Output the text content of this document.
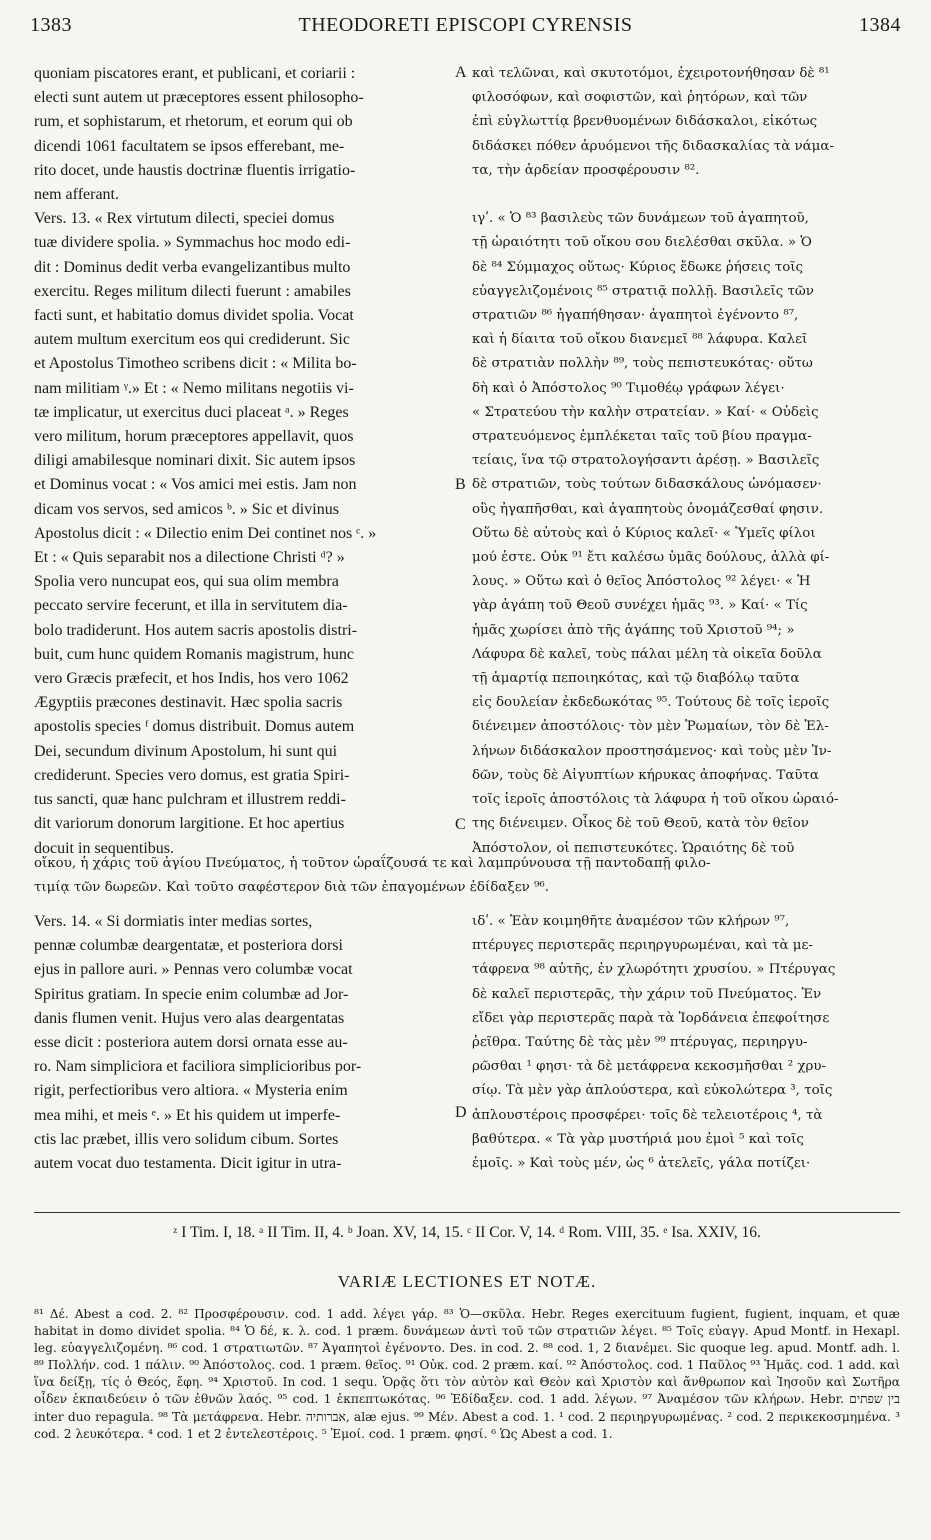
1383	THEODORETI EPISCOPI CYRENSIS	1384
quoniam piscatores erant, et publicani, et coriarii :
electi sunt autem ut præceptores essent philosopho-
rum, et sophistarum, et rhetorum, et eorum qui ob
dicendi 1061 facultatem se ipsos efferebant, me-
rito docet, unde haustis doctrinæ fluentis irrigatio-
nem afferant.
Vers. 13. « Rex virtutum dilecti, speciei domus
tuæ dividere spolia. » Symmachus hoc modo edi-
dit : Dominus dedit verba evangelizantibus multo
exercitu. Reges militum dilecti fuerunt : amabiles
facti sunt, et habitatio domus dividet spolia. Vocat
autem multum exercitum eos qui crediderunt. Sic
et Apostolus Timotheo scribens dicit : « Milita bo-
nam militiam ᵞ.» Et : « Nemo militans negotiis vi-
tæ implicatur, ut exercitus duci placeat ᵃ. » Reges
vero militum, horum præceptores appellavit, quos
diligi amabilesque nominari dixit. Sic autem ipsos
et Dominus vocat : « Vos amici mei estis. Jam non
dicam vos servos, sed amicos ᵇ. » Sic et divinus
Apostolus dicit : « Dilectio enim Dei continet nos ᶜ. »
Et : « Quis separabit nos a dilectione Christi ᵈ? »
Spolia vero nuncupat eos, qui sua olim membra
peccato servire fecerunt, et illa in servitutem dia-
bolo tradiderunt. Hos autem sacris apostolis distri-
buit, cum hunc quidem Romanis magistrum, hunc
vero Græcis præfecit, et hos Indis, hos vero 1062
Ægyptiis præcones destinavit. Hæc spolia sacris
apostolis species ᶠ domus distribuit. Domus autem
Dei, secundum divinum Apostolum, hi sunt qui
crediderunt. Species vero domus, est gratia Spiri-
tus sancti, quæ hanc pulchram et illustrem reddi-
dit variorum donorum largitione. Et hoc apertius
docuit in sequentibus.
καὶ τελῶναι, καὶ σκυτοτόμοι, ἐχειροτονήθησαν δὲ ⁸¹
φιλοσόφων, καὶ σοφιστῶν, καὶ ῥητόρων, καὶ τῶν
ἐπὶ εὐγλωττίᾳ βρενθυομένων διδάσκαλοι, εἰκότως
διδάσκει πόθεν ἀρυόμενοι τῆς διδασκαλίας τὰ νάμα-
τα, τὴν ἀρδείαν προσφέρουσιν ⁸².

ιγʹ. « Ὁ ⁸³ βασιλεὺς τῶν δυνάμεων τοῦ ἀγαπητοῦ,
τῇ ὡραιότητι τοῦ οἴκου σου διελέσθαι σκῦλα. » Ὁ
δὲ ⁸⁴ Σύμμαχος οὕτως· Κύριος ἔδωκε ῥήσεις τοῖς
εὐαγγελιζομένοις ⁸⁵ στρατιᾷ πολλῇ. Βασιλεῖς τῶν
στρατιῶν ⁸⁶ ἠγαπήθησαν· ἀγαπητοὶ ἐγένοντο ⁸⁷,
καὶ ἡ δίαιτα τοῦ οἴκου διανεμεῖ ⁸⁸ λάφυρα. Καλεῖ
δὲ στρατιὰν πολλὴν ⁸⁹, τοὺς πεπιστευκότας· οὕτω
δὴ καὶ ὁ Ἀπόστολος ⁹⁰ Τιμοθέῳ γράφων λέγει·
« Στρατεύου τὴν καλὴν στρατείαν. » Καί· « Οὐδεὶς
στρατευόμενος ἐμπλέκεται ταῖς τοῦ βίου πραγμα-
τείαις, ἵνα τῷ στρατολογήσαντι ἀρέσῃ. » Βασιλεῖς
δὲ στρατιῶν, τοὺς τούτων διδασκάλους ὠνόμασεν·
οὓς ἠγαπῆσθαι, καὶ ἀγαπητοὺς ὀνομάζεσθαί φησιν.
Οὕτω δὲ αὐτοὺς καὶ ὁ Κύριος καλεῖ· « Ὑμεῖς φίλοι
μού ἐστε. Οὐκ ⁹¹ ἔτι καλέσω ὑμᾶς δούλους, ἀλλὰ φί-
λους. » Οὕτω καὶ ὁ θεῖος Ἀπόστολος ⁹² λέγει· « Ἡ
γὰρ ἀγάπη τοῦ Θεοῦ συνέχει ἡμᾶς ⁹³. » Καί· « Τίς
ἡμᾶς χωρίσει ἀπὸ τῆς ἀγάπης τοῦ Χριστοῦ ⁹⁴; »
Λάφυρα δὲ καλεῖ, τοὺς πάλαι μέλη τὰ οἰκεῖα δοῦλα
τῇ ἁμαρτίᾳ πεποιηκότας, καὶ τῷ διαβόλῳ ταῦτα
εἰς δουλείαν ἐκδεδωκότας ⁹⁵. Τούτους δὲ τοῖς ἱεροῖς
διένειμεν ἀποστόλοις· τὸν μὲν Ῥωμαίων, τὸν δὲ Ἑλ-
λήνων διδάσκαλον προστησάμενος· καὶ τοὺς μὲν Ἰν-
δῶν, τοὺς δὲ Αἰγυπτίων κήρυκας ἀποφήνας. Ταῦτα
τοῖς ἱεροῖς ἀποστόλοις τὰ λάφυρα ἡ τοῦ οἴκου ὡραιό-
της διένειμεν. Οἶκος δὲ τοῦ Θεοῦ, κατὰ τὸν θεῖον
Ἀπόστολον, οἱ πεπιστευκότες. Ὡραιότης δὲ τοῦ
A
B
C
οἴκου, ἡ χάρις τοῦ ἁγίου Πνεύματος, ἡ τοῦτον ὡραΐζουσά τε καὶ λαμπρύνουσα τῇ παντοδαπῇ φιλο-
τιμίᾳ τῶν δωρεῶν. Καὶ τοῦτο σαφέστερον διὰ τῶν ἐπαγομένων ἐδίδαξεν ⁹⁶.
Vers. 14. « Si dormiatis inter medias sortes,
pennæ columbæ deargentatæ, et posteriora dorsi
ejus in pallore auri. » Pennas vero columbæ vocat
Spiritus gratiam. In specie enim columbæ ad Jor-
danis flumen venit. Hujus vero alas deargentatas
esse dicit : posteriora autem dorsi ornata esse au-
ro. Nam simpliciora et faciliora simplicioribus por-
rigit, perfectioribus vero altiora. « Mysteria enim
mea mihi, et meis ᵉ. » Et his quidem ut imperfe-
ctis lac præbet, illis vero solidum cibum. Sortes
autem vocat duo testamenta. Dicit igitur in utra-
ιδʹ. « Ἐὰν κοιμηθῆτε ἀναμέσον τῶν κλήρων ⁹⁷,
πτέρυγες περιστερᾶς περιηργυρωμέναι, καὶ τὰ με-
τάφρενα ⁹⁸ αὐτῆς, ἐν χλωρότητι χρυσίου. » Πτέρυγας
δὲ καλεῖ περιστερᾶς, τὴν χάριν τοῦ Πνεύματος. Ἐν
εἴδει γὰρ περιστερᾶς παρὰ τὰ Ἰορδάνεια ἐπεφοίτησε
ῥεῖθρα. Ταύτης δὲ τὰς μὲν ⁹⁹ πτέρυγας, περιηργυ-
ρῶσθαι ¹ φησι· τὰ δὲ μετάφρενα κεκοσμῆσθαι ² χρυ-
σίῳ. Τὰ μὲν γὰρ ἁπλούστερα, καὶ εὐκολώτερα ³, τοῖς
ἁπλουστέροις προσφέρει· τοῖς δὲ τελειοτέροις ⁴, τὰ
βαθύτερα. « Τὰ γὰρ μυστήριά μου ἐμοὶ ⁵ καὶ τοῖς
ἐμοῖς. » Καὶ τοὺς μέν, ὡς ⁶ ἀτελεῖς, γάλα ποτίζει·
D
ᶻ I Tim. I, 18. ᵃ II Tim. II, 4. ᵇ Joan. XV, 14, 15. ᶜ II Cor. V, 14. ᵈ Rom. VIII, 35. ᵉ Isa. XXIV, 16.
VARIÆ LECTIONES ET NOTÆ.
⁸¹ Δέ. Abest a cod. 2. ⁸² Προσφέρουσιν. cod. 1 add. λέγει γάρ. ⁸³ Ὁ—σκῦλα. Hebr. Reges exercituum fugient, fugient, inquam, et quæ habitat in domo dividet spolia. ⁸⁴ Ὁ δέ, κ. λ. cod. 1 præm. δυνάμεων ἀντὶ τοῦ τῶν στρατιῶν λέγει. ⁸⁵ Τοῖς εὐαγγ. Apud Montf. in Hexapl. leg. εὐαγγελιζομένη. ⁸⁶ cod. 1 στρατιωτῶν. ⁸⁷ Ἀγαπητοὶ ἐγένοντο. Des. in cod. 2. ⁸⁸ cod. 1, 2 διανέμει. Sic quoque leg. apud. Montf. adh. l. ⁸⁹ Πολλήν. cod. 1 πάλιν. ⁹⁰ Ἀπόστολος. cod. 1 præm. θεῖος. ⁹¹ Οὐκ. cod. 2 præm. καί. ⁹² Ἀπόστολος. cod. 1 Παῦλος ⁹³ Ἡμᾶς. cod. 1 add. καὶ ἵνα δείξῃ, τίς ὁ Θεός, ἔφη. ⁹⁴ Χριστοῦ. In cod. 1 sequ. Ὁρᾷς ὅτι τὸν αὐτὸν καὶ Θεὸν καὶ Χριστὸν καὶ ἄνθρωπον καὶ Ἰησοῦν καὶ Σωτῆρα οἶδεν ἐκπαιδεύειν ὁ τῶν ἐθνῶν λαός. ⁹⁵ cod. 1 ἐκπεπτωκότας. ⁹⁶ Ἐδίδαξεν. cod. 1 add. λέγων. ⁹⁷ Ἀναμέσον τῶν κλήρων. Hebr. בין שפתים inter duo repagula. ⁹⁸ Τὰ μετάφρενα. Hebr. אברותיה, alæ ejus. ⁹⁹ Μέν. Abest a cod. 1. ¹ cod. 2 περιηργυρωμένας. ² cod. 2 περικεκοσμημένα. ³ cod. 2 λευκότερα. ⁴ cod. 1 et 2 ἐντελεστέροις. ⁵ Ἐμοί. cod. 1 præm. φησί. ⁶ Ὡς Abest a cod. 1.
